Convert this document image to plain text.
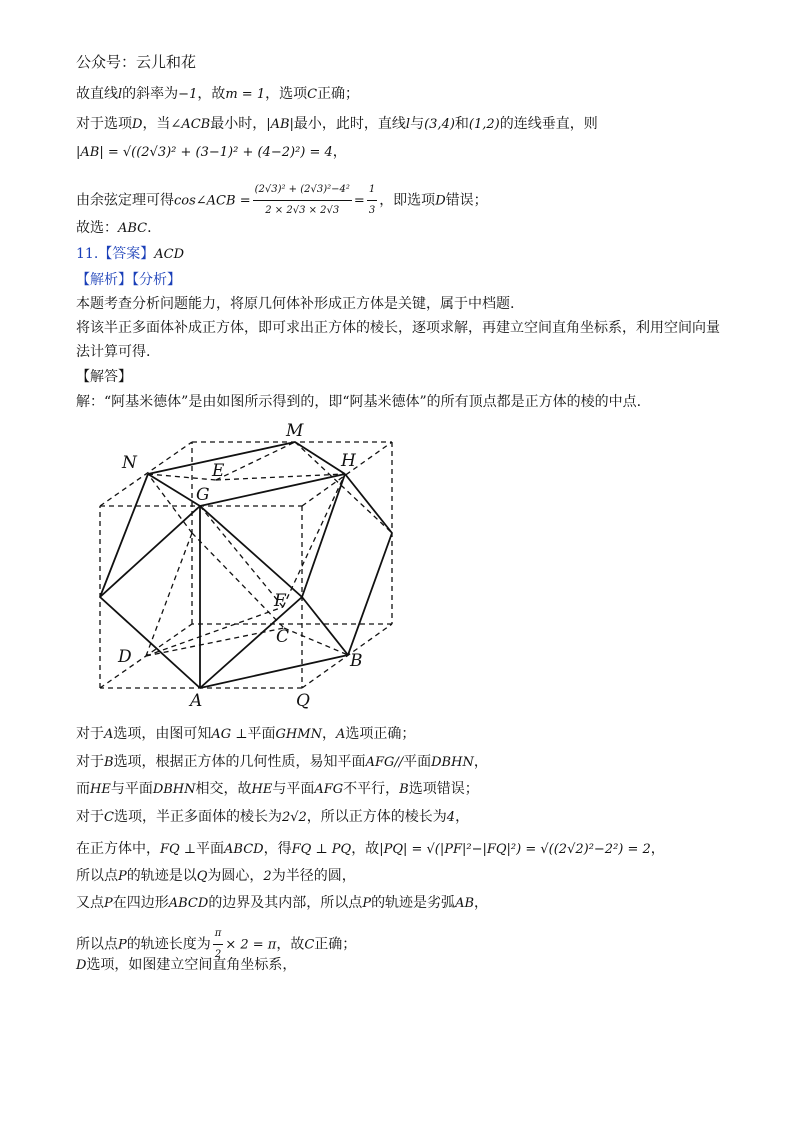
公众号：云儿和花
故直线l的斜率为−1，故m = 1，选项C正确；
对于选项D，当∠ACB最小时，|AB|最小，此时，直线l与(3,4)和(1,2)的连线垂直，则
|AB| = √((2√3)² + (3−1)² + (4−2)²) = 4，
由余弦定理可得cos∠ACB = $\frac{\text{(2√3)² + (2√3)²−4²}}{2 \times 2√3 \times 2√3} = \frac{1}{3}$ ，即选项D错误；
故选：ABC.
11.【答案】ACD
【解析】【分析】
本题考查分析问题能力，将原几何体补形成正方体是关键，属于中档题.
将该半正多面体补成正方体，即可求出正方体的棱长，逐项求解，再建立空间直角坐标系，利用空间向量
法计算可得.
【解答】
解：“阿基米德体”是由如图所示得到的，即“阿基米德体”的所有顶点都是正方体的棱的中点.
M
N	E	H
G
F
C
D	B
A	Q
对于A选项，由图可知AG ⊥平面GHMN，A选项正确；
对于B选项，根据正方体的几何性质，易知平面AFG//平面DBHN，
而HE与平面DBHN相交，故HE与平面AFG不平行，B选项错误；
对于C选项，半正多面体的棱长为2√2，所以正方体的棱长为4，
在正方体中，FQ ⊥平面ABCD，得FQ ⊥ PQ，故|PQ| = √(|PF|²−|FQ|²) = √((2√2)²−2²) = 2，
所以点P的轨迹是以Q为圆心，2为半径的圆，
又点P在四边形ABCD的边界及其内部，所以点P的轨迹是劣弧AB，
所以点P的轨迹长度为 $\frac{\pi}{2} \times 2 = \pi$，故C正确；
D选项，如图建立空间直角坐标系，
